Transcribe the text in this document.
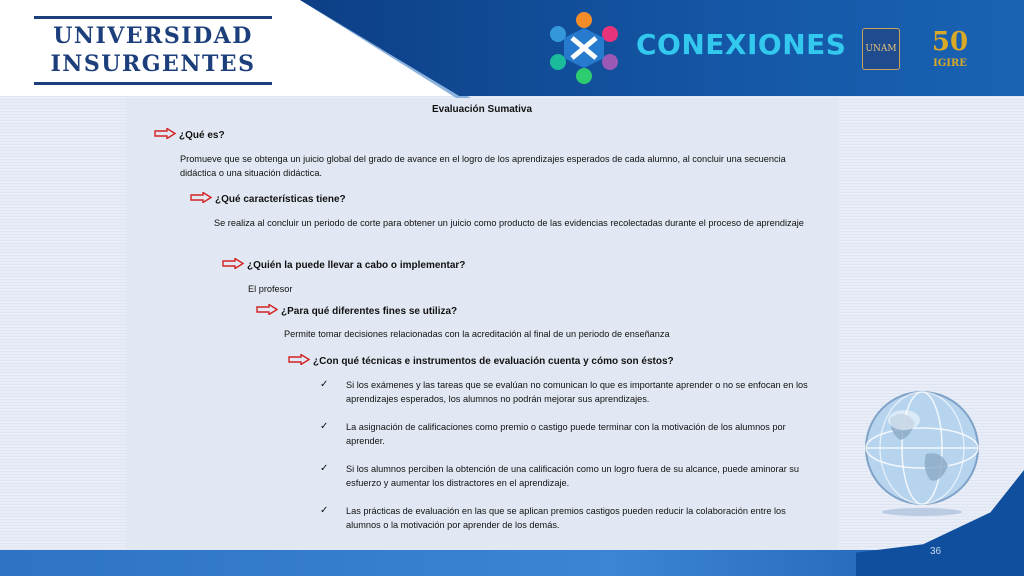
UNIVERSIDAD
INSURGENTES
CONEXIONES	UNAM 50
IGIRE
Evaluación Sumativa
¿Qué es?
Promueve que se obtenga un juicio global del grado de avance en el logro de los aprendizajes esperados de cada alumno, al concluir una secuencia didáctica o una situación didáctica.
¿Qué características tiene?
Se realiza al concluir un periodo de corte para obtener un juicio como producto de las evidencias recolectadas durante el proceso de aprendizaje
¿Quién la puede llevar a cabo o implementar?
El profesor
¿Para qué diferentes fines se utiliza?
Permite tomar decisiones relacionadas con la acreditación al final de un periodo de enseñanza
¿Con qué técnicas e instrumentos de evaluación cuenta y cómo son éstos?
✓ Si los exámenes y las tareas que se evalúan no comunican lo que es importante aprender o no se enfocan en los aprendizajes esperados, los alumnos no podrán mejorar sus aprendizajes.
✓ La asignación de calificaciones como premio o castigo puede terminar con la motivación de los alumnos por aprender.
✓ Si los alumnos perciben la obtención de una calificación como un logro fuera de su alcance, puede aminorar su esfuerzo y aumentar los distractores en el aprendizaje.
✓ Las prácticas de evaluación en las que se aplican premios castigos pueden reducir la colaboración entre los alumnos o la motivación por aprender de los demás.
36
